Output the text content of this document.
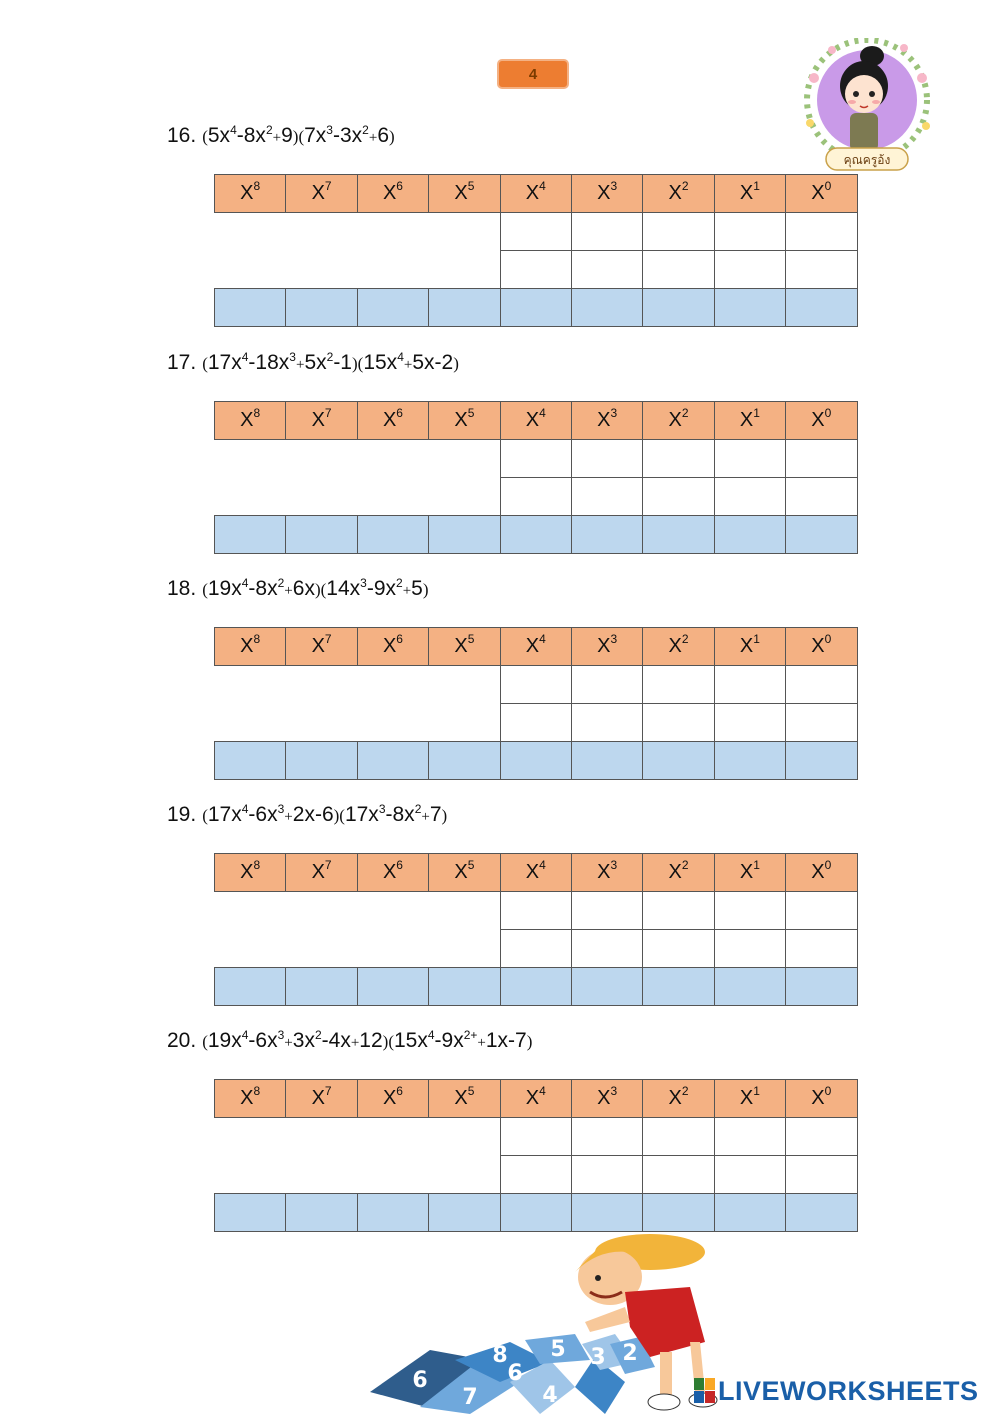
4
คุณครูอ้ง
16. $(5x^4-8x^2+9)(7x^3-3x^2+6)$
$X^8$	$X^7$	$X^6$	$X^5$	$X^4$	$X^3$	$X^2$	$X^1$	$X^0$

17. $(17x^4-18x^3+5x^2-1)(15x^4+5x-2)$
$X^8$	$X^7$	$X^6$	$X^5$	$X^4$	$X^3$	$X^2$	$X^1$	$X^0$

18. $(19x^4-8x^2+6x)(14x^3-9x^2+5)$
$X^8$	$X^7$	$X^6$	$X^5$	$X^4$	$X^3$	$X^2$	$X^1$	$X^0$

19. $(17x^4-6x^3+2x-6)(17x^3-8x^2+7)$
$X^8$	$X^7$	$X^6$	$X^5$	$X^4$	$X^3$	$X^2$	$X^1$	$X^0$

20. $(19x^4-6x^3+3x^2-4x+12)(15x^4-9x^{2+}+1x-7)$
$X^8$	$X^7$	$X^6$	$X^5$	$X^4$	$X^3$	$X^2$	$X^1$	$X^0$

6
8
6
5
7	4
3 2
LIVEWORKSHEETS
